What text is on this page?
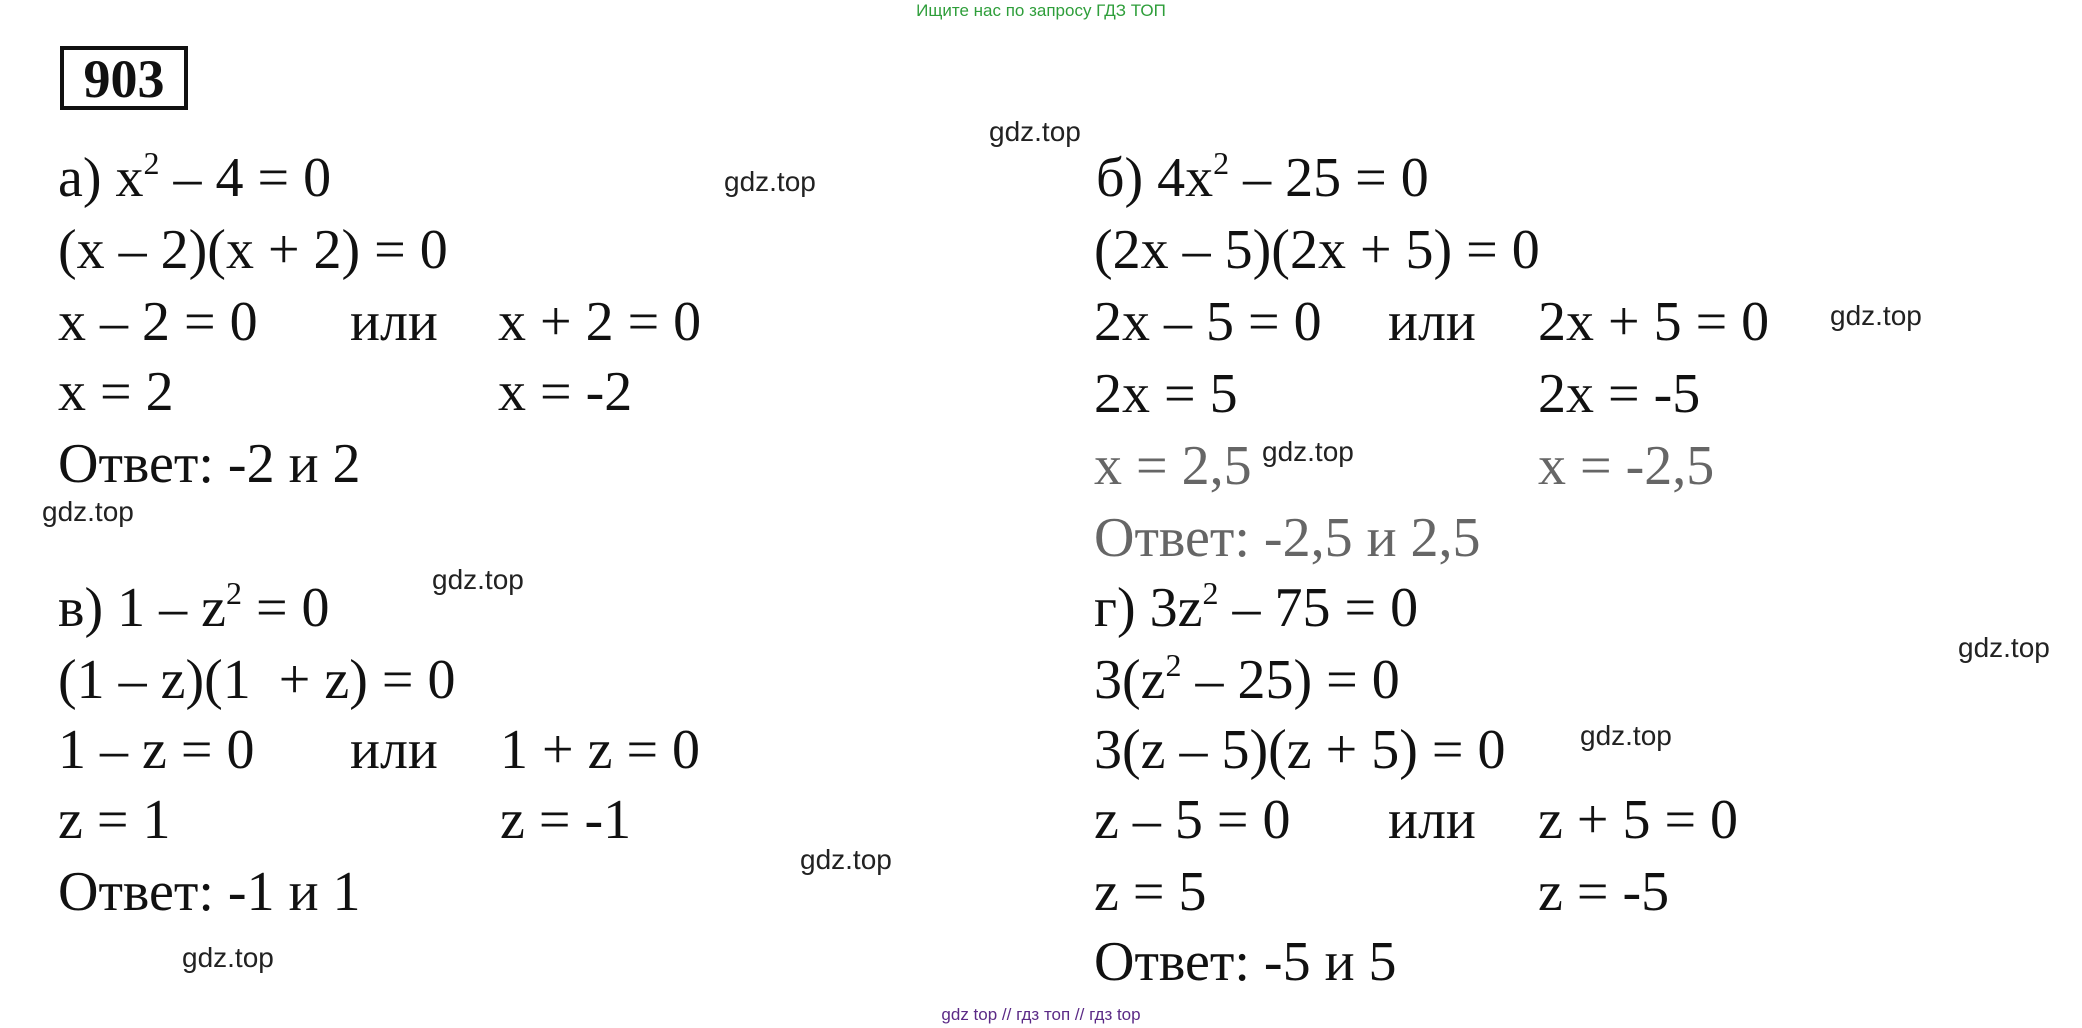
Ищите нас по запросу ГДЗ ТОП
903
а) $x^2 - 4 = 0$
(x – 2)(x + 2) = 0
x – 2 = 0 или x + 2 = 0
x = 2	x = -2
Ответ: -2 и 2
б) $4x^2 - 25 = 0$
(2x – 5)(2x + 5) = 0
2x – 5 = 0 или 2x + 5 = 0
2x = 5	2x = -5
x = 2,5	x = -2,5
Ответ: -2,5 и 2,5
в) $1 - z^2 = 0$
(1 – z)(1  + z) = 0
1 – z = 0 или 1 + z = 0
z = 1	z = -1
Ответ: -1 и 1
г) $3z^2 - 75 = 0$
$3(z^2 - 25) = 0$
3(z – 5)(z + 5) = 0
z – 5 = 0 или z + 5 = 0
z = 5	z = -5
Ответ: -5 и 5
gdz.top
gdz.top
gdz.top
gdz.top
gdz.top
gdz.top
gdz.top
gdz.top
gdz.top
gdz.top
gdz top // гдз топ // гдз top
